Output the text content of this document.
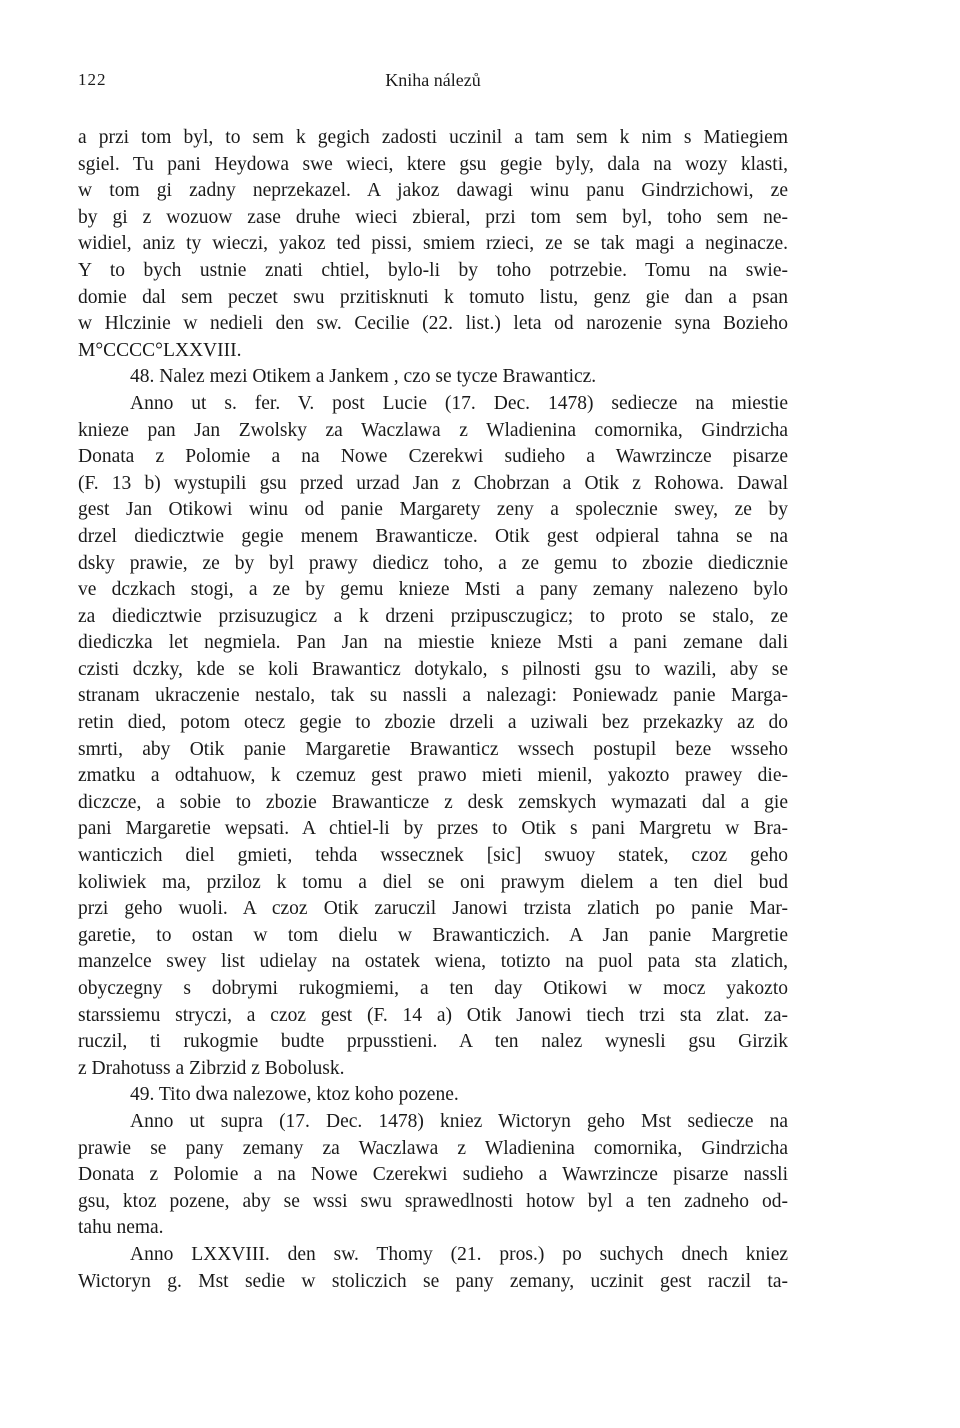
122	Kniha nálezů
a przi tom byl, to sem k gegich zadosti uczinil a tam sem k nim s Matiegiem
sgiel. Tu pani Heydowa swe wieci, ktere gsu gegie byly, dala na wozy klasti,
w tom gi zadny neprzekazel. A jakoz dawagi winu panu Gindrzichowi, ze
by gi z wozuow zase druhe wieci zbieral, przi tom sem byl, toho sem ne-
widiel, aniz ty wieczi, yakoz ted pissi, smiem rzieci, ze se tak magi a neginacze.
Y to bych ustnie znati chtiel, bylo-li by toho potrzebie. Tomu na swie-
domie dal sem peczet swu przitisknuti k tomuto listu, genz gie dan a psan
w Hlczinie w nedieli den sw. Cecilie (22. list.) leta od narozenie syna Bozieho
M°CCCC°LXXVIII.
48. Nalez mezi Otikem a Jankem , czo se tycze Brawanticz.
Anno ut s. fer. V. post Lucie (17. Dec. 1478) sediecze na miestie
knieze pan Jan Zwolsky za Waczlawa z Wladienina comornika, Gindrzicha
Donata z Polomie a na Nowe Czerekwi sudieho a Wawrzincze pisarze
(F. 13 b) wystupili gsu przed urzad Jan z Chobrzan a Otik z Rohowa. Dawal
gest Jan Otikowi winu od panie Margarety zeny a spolecznie swey, ze by
drzel diedicztwie gegie menem Brawanticze. Otik gest odpieral tahna se na
dsky prawie, ze by byl prawy diedicz toho, a ze gemu to zbozie diedicznie
ve dczkach stogi, a ze by gemu knieze Msti a pany zemany nalezeno bylo
za diedicztwie przisuzugicz a k drzeni przipusczugicz; to proto se stalo, ze
diediczka let negmiela. Pan Jan na miestie knieze Msti a pani zemane dali
czisti dczky, kde se koli Brawanticz dotykalo, s pilnosti gsu to wazili, aby se
stranam ukraczenie nestalo, tak su nassli a nalezagi: Poniewadz panie Marga-
retin died, potom otecz gegie to zbozie drzeli a uziwali bez przekazky az do
smrti, aby Otik panie Margaretie Brawanticz wssech postupil beze wsseho
zmatku a odtahuow, k czemuz gest prawo mieti mienil, yakozto prawey die-
diczcze, a sobie to zbozie Brawanticze z desk zemskych wymazati dal a gie
pani Margaretie wepsati. A chtiel-li by przes to Otik s pani Margretu w Bra-
wanticzich diel gmieti, tehda wssecznek [sic] swuoy statek, czoz geho
koliwiek ma, prziloz k tomu a diel se oni prawym dielem a ten diel bud
przi geho wuoli. A czoz Otik zaruczil Janowi trzista zlatich po panie Mar-
garetie, to ostan w tom dielu w Brawanticzich. A Jan panie Margretie
manzelce swey list udielay na ostatek wiena, totizto na puol pata sta zlatich,
obyczegny s dobrymi rukogmiemi, a ten day Otikowi w mocz yakozto
starssiemu stryczi, a czoz gest (F. 14 a) Otik Janowi tiech trzi sta zlat. za-
ruczil, ti rukogmie budte prpusstieni. A ten nalez wynesli gsu Girzik
z Drahotuss a Zibrzid z Bobolusk.
49. Tito dwa nalezowe, ktoz koho pozene.
Anno ut supra (17. Dec. 1478) kniez Wictoryn geho Mst sediecze na
prawie se pany zemany za Waczlawa z Wladienina comornika, Gindrzicha
Donata z Polomie a na Nowe Czerekwi sudieho a Wawrzincze pisarze nassli
gsu, ktoz pozene, aby se wssi swu sprawedlnosti hotow byl a ten zadneho od-
tahu nema.
Anno LXXVIII. den sw. Thomy (21. pros.) po suchych dnech kniez
Wictoryn g. Mst sedie w stoliczich se pany zemany, uczinit gest raczil ta-
